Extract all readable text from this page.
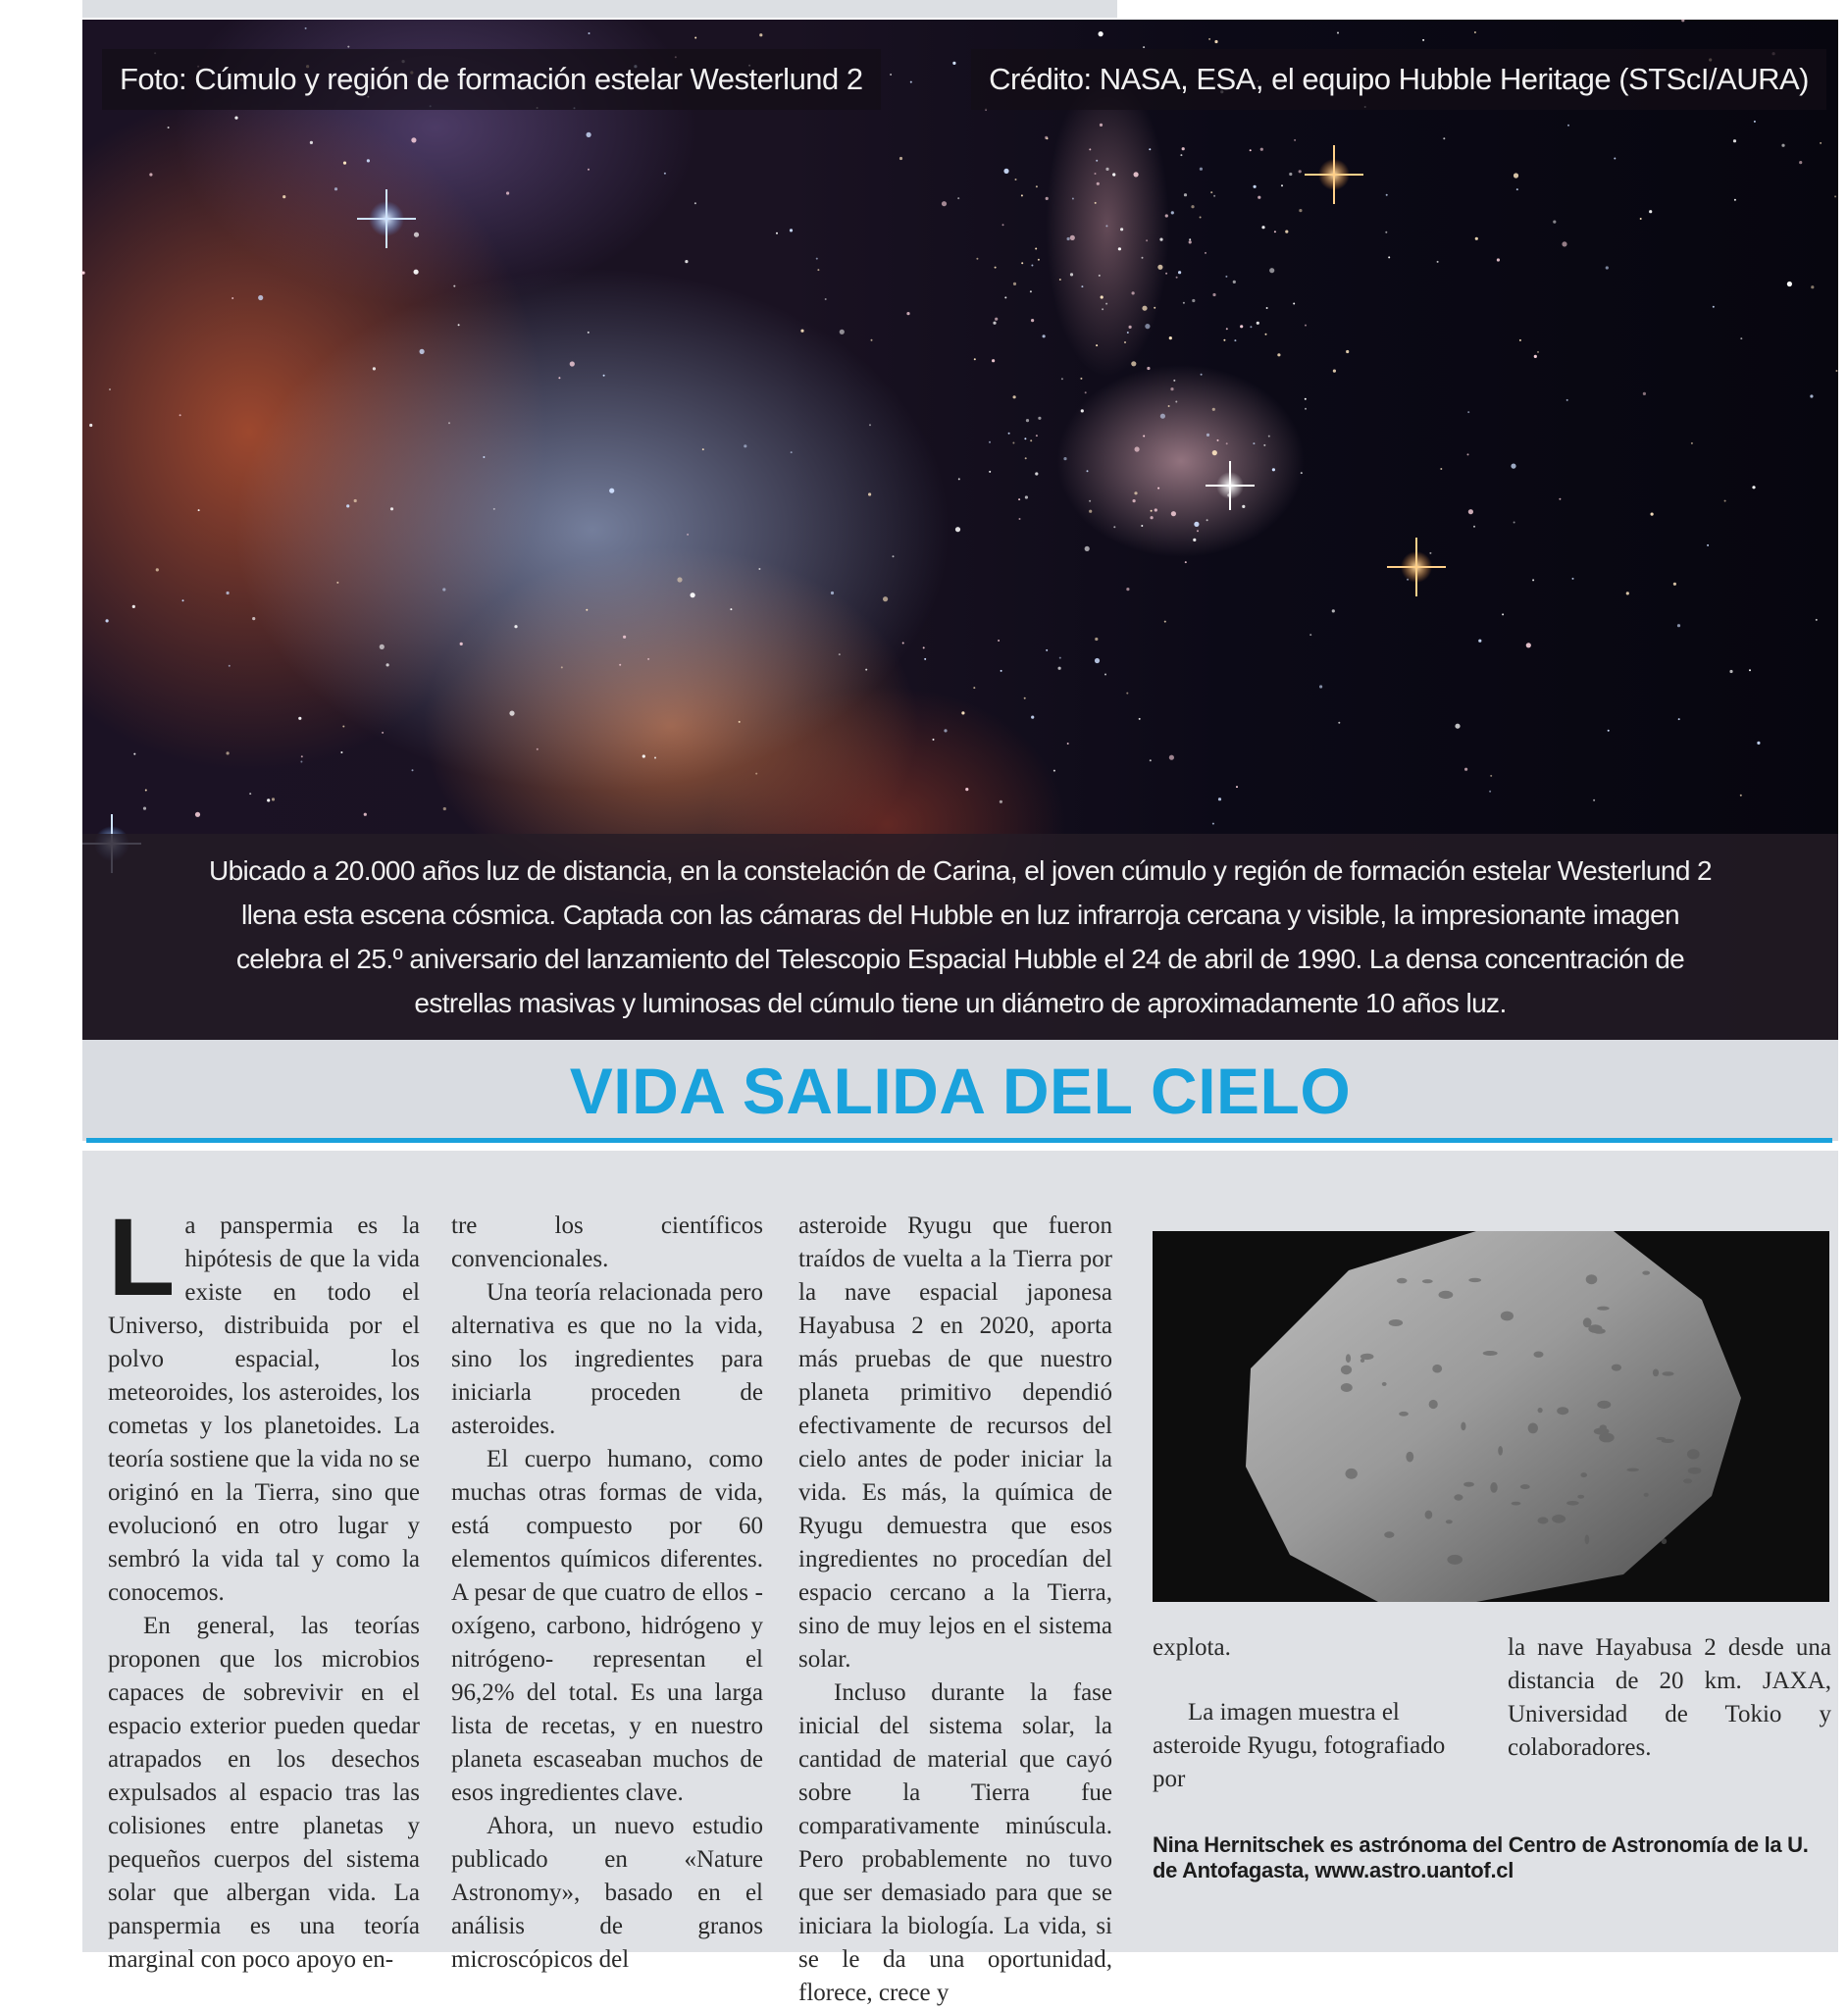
Foto: Cúmulo y región de formación estelar Westerlund 2	Crédito: NASA, ESA, el equipo Hubble Heritage (STScI/AURA)
Ubicado a 20.000 años luz de distancia, en la constelación de Carina, el joven cúmulo y región de formación estelar Westerlund 2 llena esta escena cósmica. Captada con las cámaras del Hubble en luz infrarroja cercana y visible, la impresionante imagen celebra el 25.º aniversario del lanzamiento del Telescopio Espacial Hubble el 24 de abril de 1990. La densa concentración de estrellas masivas y luminosas del cúmulo tiene un diámetro de aproximadamente 10 años luz.
VIDA SALIDA DEL CIELO

La panspermia es la hipótesis de que la vida existe en todo el Universo, distribuida por el polvo espacial, los meteoroides, los asteroides, los cometas y los planetoides. La teoría sostiene que la vida no se originó en la Tierra, sino que evolucionó en otro lugar y sembró la vida tal y como la conocemos.

En general, las teorías proponen que los microbios capaces de sobrevivir en el espacio exterior pueden quedar atrapados en los desechos expulsados al espacio tras las colisiones entre planetas y pequeños cuerpos del sistema solar que albergan vida. La panspermia es una teoría marginal con poco apoyo en-

tre los científicos convencionales.

Una teoría relacionada pero alternativa es que no la vida, sino los ingredientes para iniciarla proceden de asteroides.

El cuerpo humano, como muchas otras formas de vida, está compuesto por 60 elementos químicos diferentes. A pesar de que cuatro de ellos -oxígeno, carbono, hidrógeno y nitrógeno- representan el 96,2% del total. Es una larga lista de recetas, y en nuestro planeta escaseaban muchos de esos ingredientes clave.

Ahora, un nuevo estudio publicado en «Nature Astronomy», basado en el análisis de granos microscópicos del

asteroide Ryugu que fueron traídos de vuelta a la Tierra por la nave espacial japonesa Hayabusa 2 en 2020, aporta más pruebas de que nuestro planeta primitivo dependió efectivamente de recursos del cielo antes de poder iniciar la vida. Es más, la química de Ryugu demuestra que esos ingredientes no procedían del espacio cercano a la Tierra, sino de muy lejos en el sistema solar.

Incluso durante la fase inicial del sistema solar, la cantidad de material que cayó sobre la Tierra fue comparativamente minúscula. Pero probablemente no tuvo que ser demasiado para que se iniciara la biología. La vida, si se le da una oportunidad, florece, crece y

explota.
La imagen muestra el asteroide Ryugu, fotografiado por
la nave Hayabusa 2 desde una distancia de 20 km. JAXA, Universidad de Tokio y colaboradores.
Nina Hernitschek es astrónoma del Centro de Astronomía de la U. de Antofagasta, www.astro.uantof.cl
